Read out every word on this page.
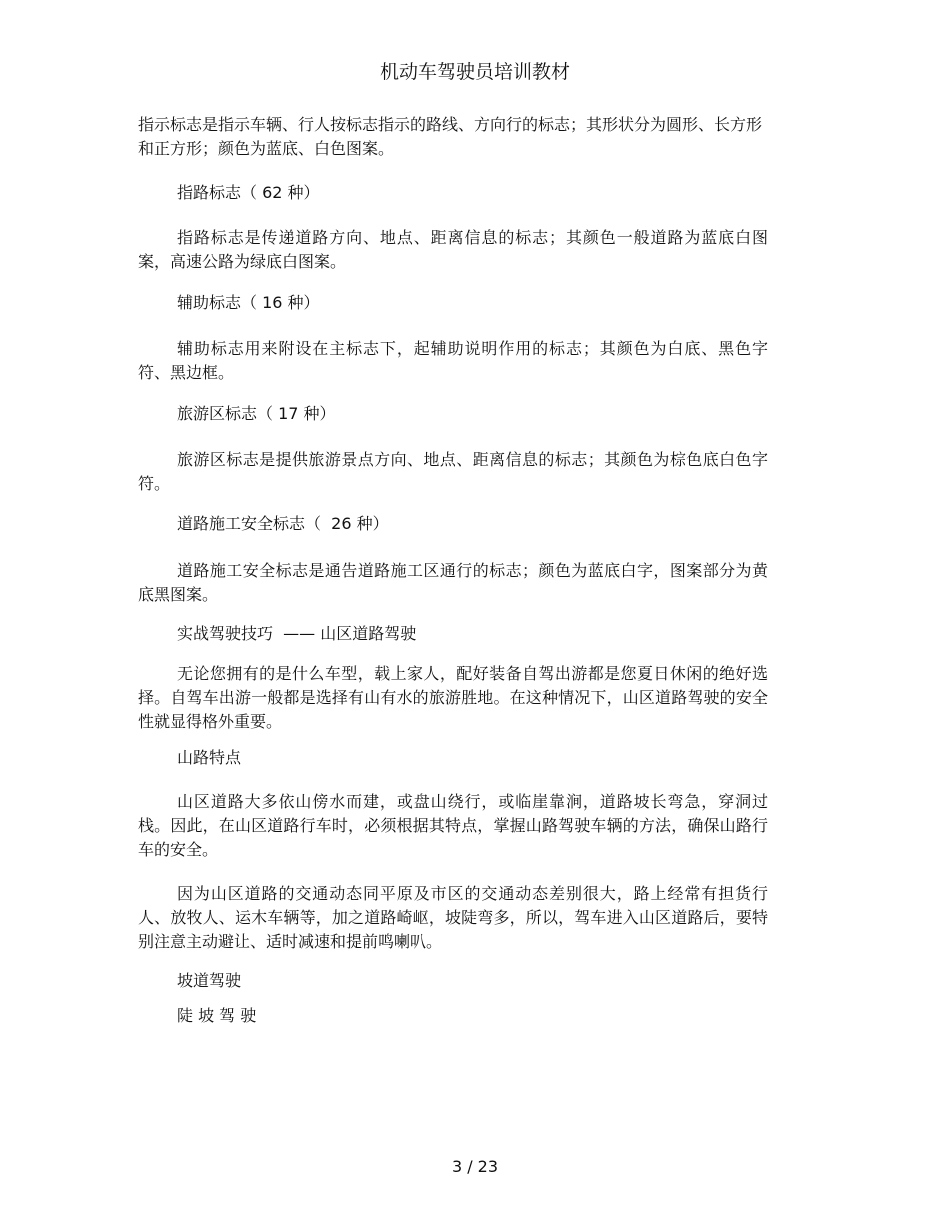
机动车驾驶员培训教材

指示标志是指示车辆、行人按标志指示的路线、方向行的标志；其形状分为圆形、长方形和正方形；颜色为蓝底、白色图案。

指路标志（ 62 种）

指路标志是传递道路方向、地点、距离信息的标志；其颜色一般道路为蓝底白图案，高速公路为绿底白图案。

辅助标志（ 16 种）

辅助标志用来附设在主标志下，起辅助说明作用的标志；其颜色为白底、黑色字符、黑边框。

旅游区标志（ 17 种）

旅游区标志是提供旅游景点方向、地点、距离信息的标志；其颜色为棕色底白色字符。

道路施工安全标志（  26 种）

道路施工安全标志是通告道路施工区通行的标志；颜色为蓝底白字，图案部分为黄底黑图案。

实战驾驶技巧  —— 山区道路驾驶

无论您拥有的是什么车型，载上家人，配好装备自驾出游都是您夏日休闲的绝好选择。自驾车出游一般都是选择有山有水的旅游胜地。在这种情况下，山区道路驾驶的安全性就显得格外重要。

山路特点

山区道路大多依山傍水而建，或盘山绕行，或临崖靠涧，道路坡长弯急，穿洞过栈。因此，在山区道路行车时，必须根据其特点，掌握山路驾驶车辆的方法，确保山路行车的安全。

因为山区道路的交通动态同平原及市区的交通动态差别很大，路上经常有担货行人、放牧人、运木车辆等，加之道路崎岖，坡陡弯多，所以，驾车进入山区道路后，要特别注意主动避让、适时减速和提前鸣喇叭。

坡道驾驶

陡 坡 驾 驶

3 / 23
